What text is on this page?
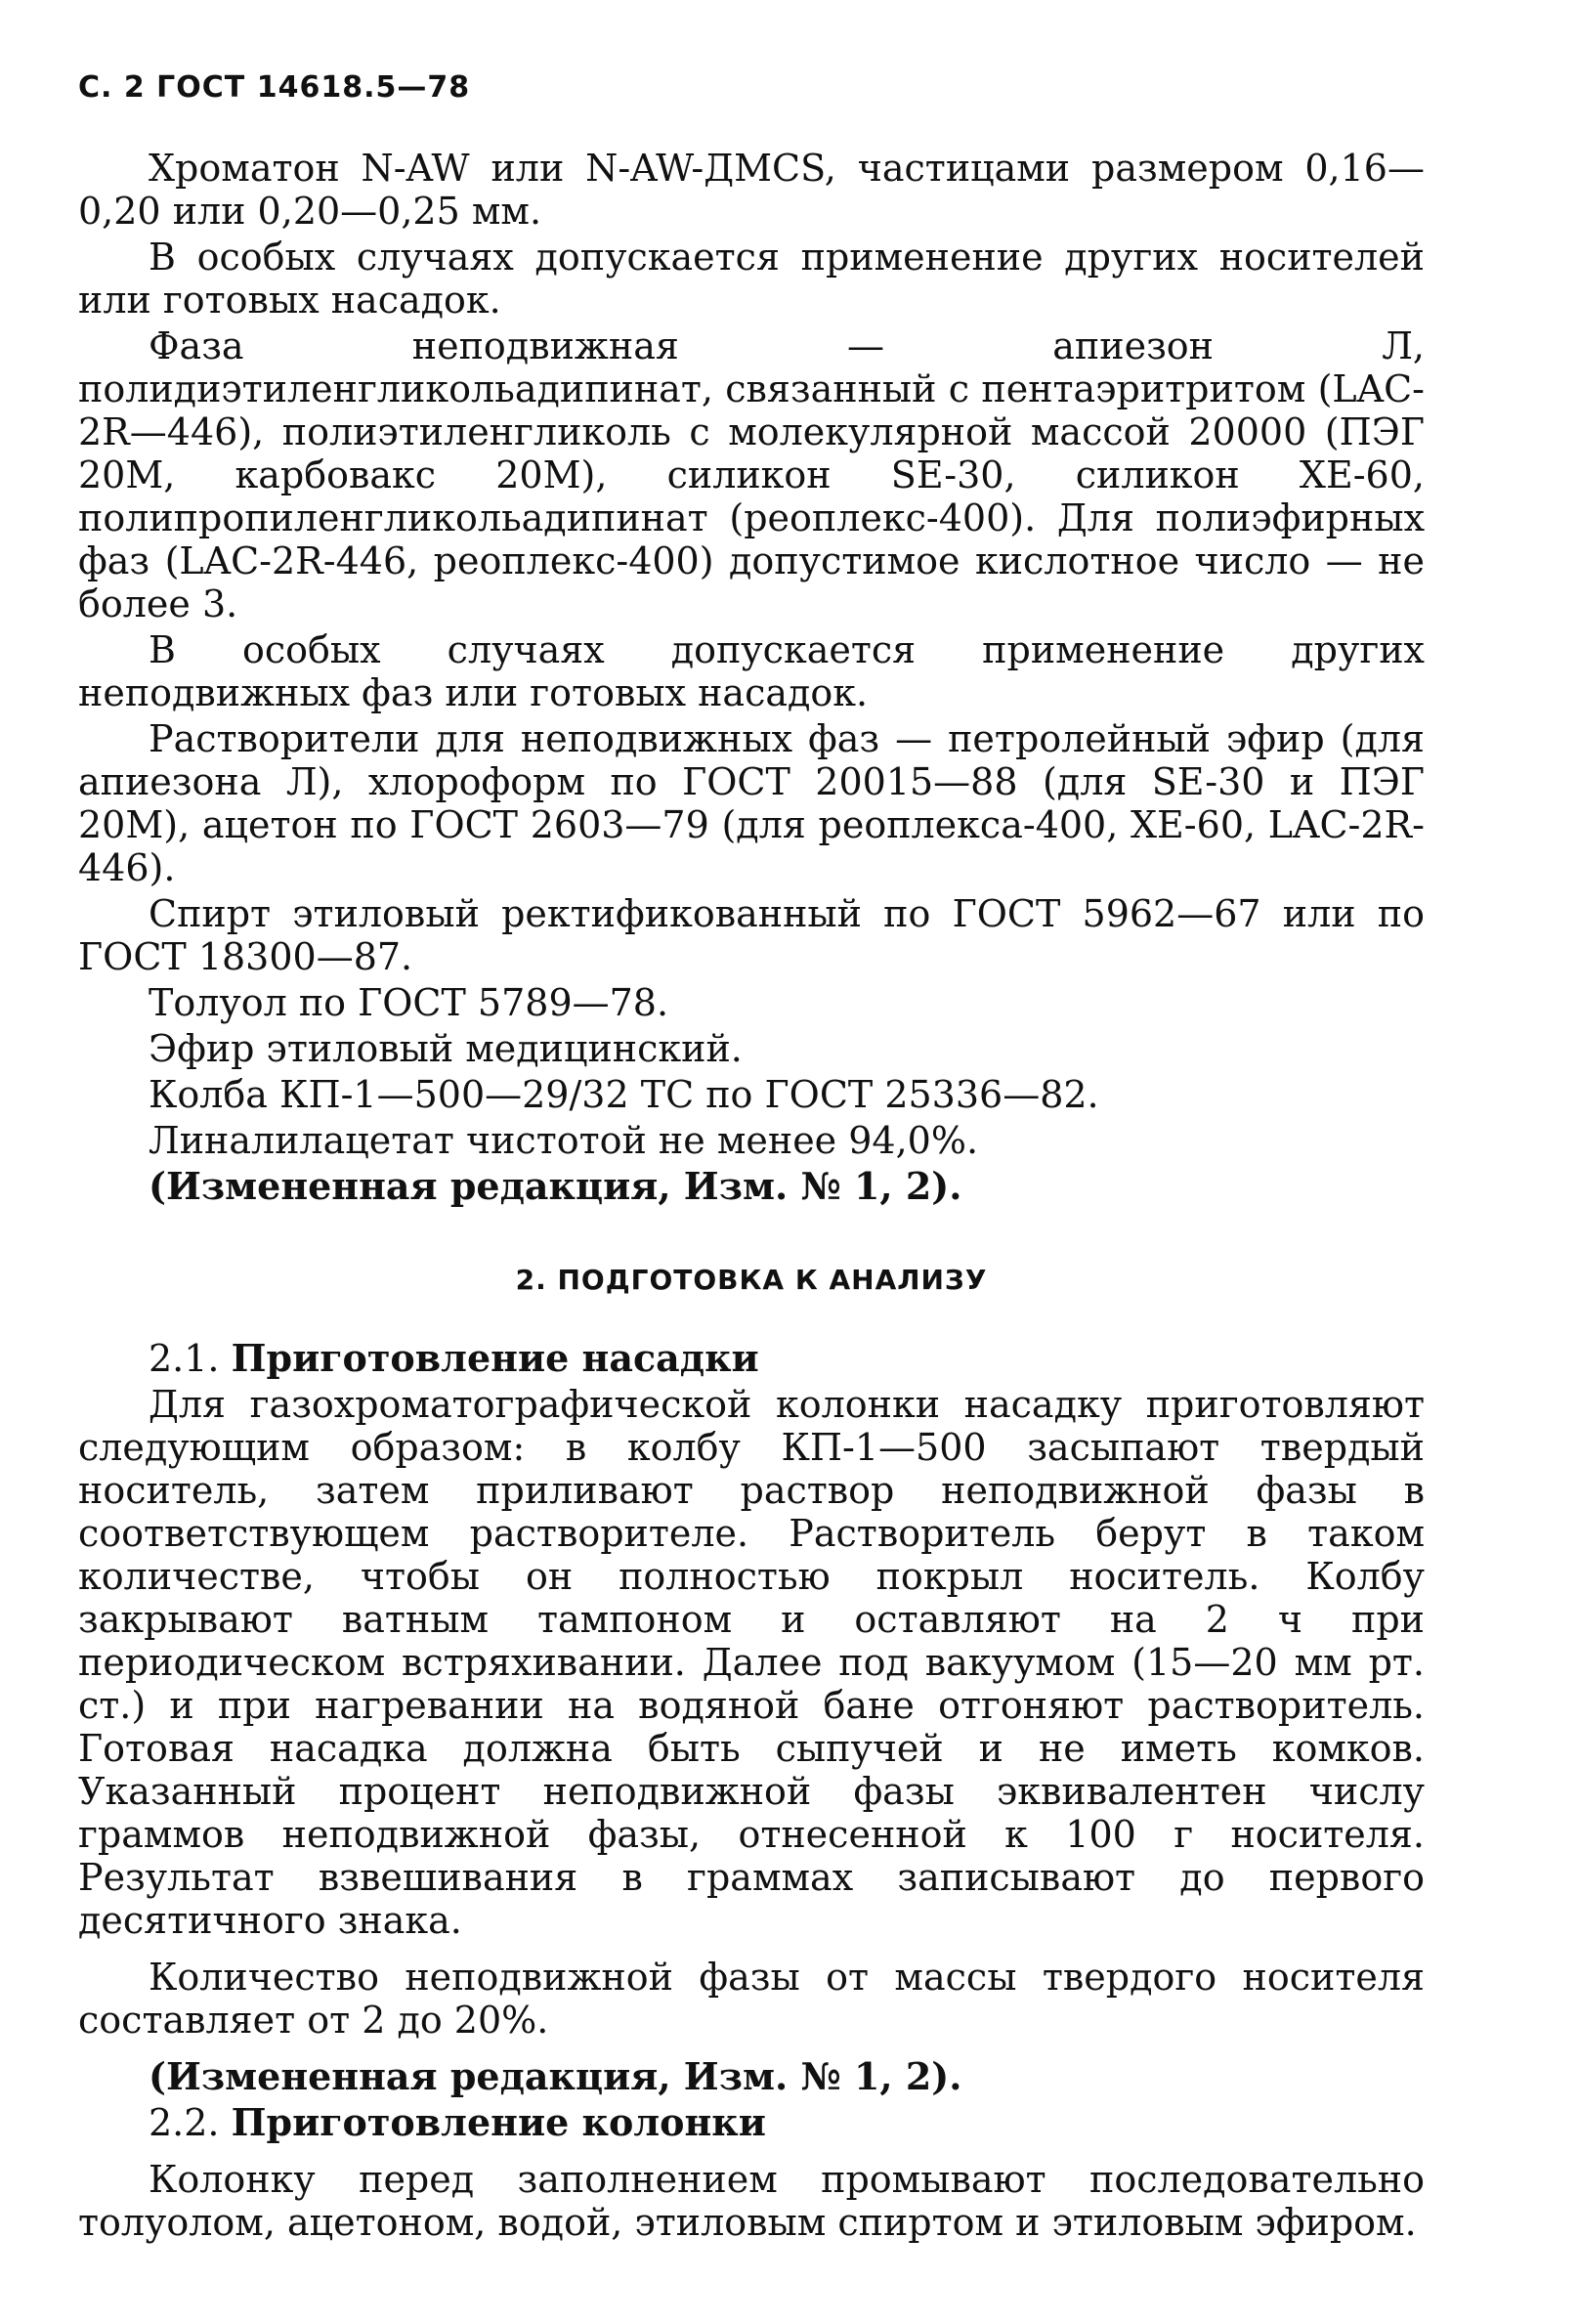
С. 2 ГОСТ 14618.5—78

Хроматон N-AW или N-AW-ДМСS, частицами размером 0,16—0,20 или 0,20—0,25 мм.

В особых случаях допускается применение других носителей или готовых насадок.

Фаза неподвижная — апиезон Л, полидиэтиленгликольадипинат, связанный с пентаэритритом (LAC-2R—446), полиэтиленгликоль с молекулярной массой 20000 (ПЭГ 20М, карбовакс 20М), силикон SE-30, силикон ХЕ-60, полипропиленгликольадипинат (реоплекс-400). Для полиэфирных фаз (LAC-2R-446, реоплекс-400) допустимое кислотное число — не более 3.

В особых случаях допускается применение других неподвижных фаз или готовых насадок.

Растворители для неподвижных фаз — петролейный эфир (для апиезона Л), хлороформ по ГОСТ 20015—88 (для SE-30 и ПЭГ 20М), ацетон по ГОСТ 2603—79 (для реоплекса-400, ХЕ-60, LAC-2R-446).

Спирт этиловый ректификованный по ГОСТ 5962—67 или по ГОСТ 18300—87.

Толуол по ГОСТ 5789—78.

Эфир этиловый медицинский.

Колба КП-1—500—29/32 ТС по ГОСТ 25336—82.

Линалилацетат чистотой не менее 94,0%.

(Измененная редакция, Изм. № 1, 2).

2. ПОДГОТОВКА К АНАЛИЗУ

2.1. Приготовление насадки

Для газохроматографической колонки насадку приготовляют следующим образом: в колбу КП-1—500 засыпают твердый носитель, затем приливают раствор неподвижной фазы в соответствующем растворителе. Растворитель берут в таком количестве, чтобы он полностью покрыл носитель. Колбу закрывают ватным тампоном и оставляют на 2 ч при периодическом встряхивании. Далее под вакуумом (15—20 мм рт. ст.) и при нагревании на водяной бане отгоняют растворитель. Готовая насадка должна быть сыпучей и не иметь комков. Указанный процент неподвижной фазы эквивалентен числу граммов неподвижной фазы, отнесенной к 100 г носителя. Результат взвешивания в граммах записывают до первого десятичного знака.

Количество неподвижной фазы от массы твердого носителя составляет от 2 до 20%.

(Измененная редакция, Изм. № 1, 2).

2.2. Приготовление колонки

Колонку перед заполнением промывают последовательно толуолом, ацетоном, водой, этиловым спиртом и этиловым эфиром.
